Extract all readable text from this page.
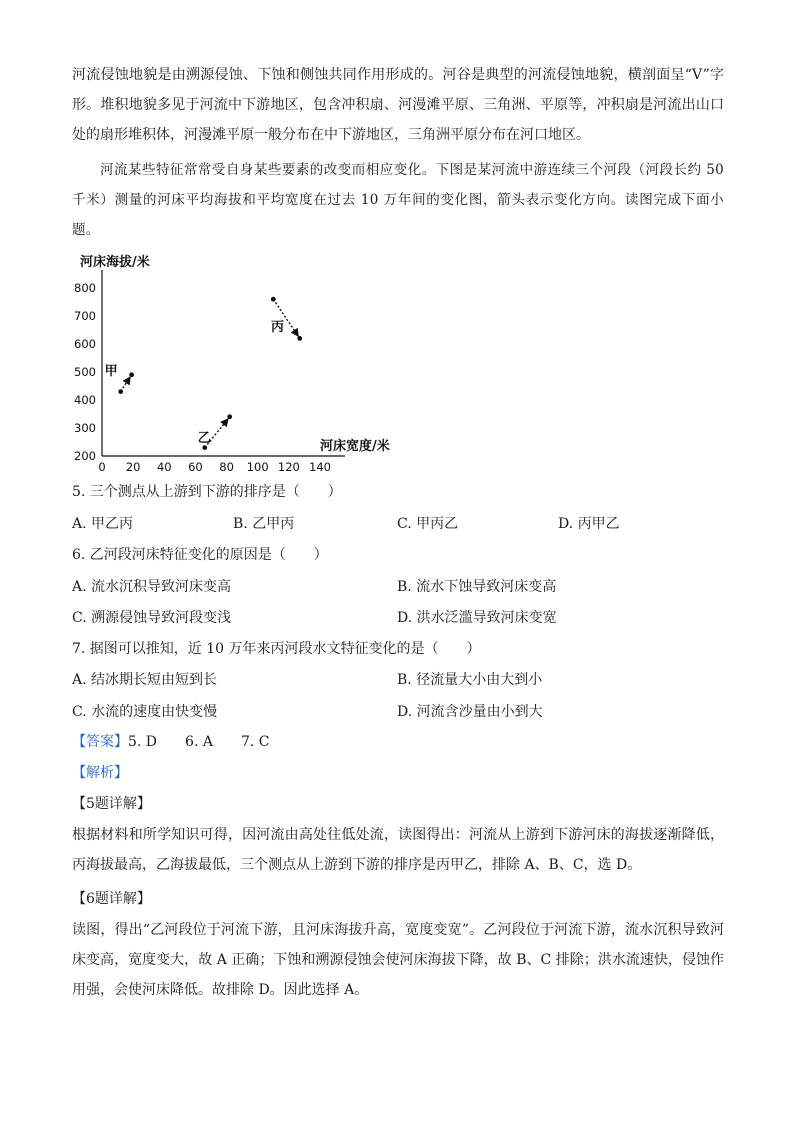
河流侵蚀地貌是由溯源侵蚀、下蚀和侧蚀共同作用形成的。河谷是典型的河流侵蚀地貌，横剖面呈“V”字形。堆积地貌多见于河流中下游地区，包含冲积扇、河漫滩平原、三角洲、平原等，冲积扇是河流出山口处的扇形堆积体，河漫滩平原一般分布在中下游地区，三角洲平原分布在河口地区。

河流某些特征常常受自身某些要素的改变而相应变化。下图是某河流中游连续三个河段（河段长约 50 千米）测量的河床平均海拔和平均宽度在过去 10 万年间的变化图，箭头表示变化方向。读图完成下面小题。

河床海拔/米
河床宽度/米
200
300
400
500
600
700
800
0 20 40 60 80 100 120 140
甲
乙
丙
5. 三个测点从上游到下游的排序是（　　）
A. 甲乙丙	B. 乙甲丙	C. 甲丙乙	D. 丙甲乙
6. 乙河段河床特征变化的原因是（　　）
A. 流水沉积导致河床变高	B. 流水下蚀导致河床变高
C. 溯源侵蚀导致河段变浅	D. 洪水泛滥导致河床变宽
7. 据图可以推知，近 10 万年来丙河段水文特征变化的是（　　）
A. 结冰期长短由短到长	B. 径流量大小由大到小
C. 水流的速度由快变慢	D. 河流含沙量由小到大
【答案】5. D　　6. A　　7. C
【解析】
【5题详解】

根据材料和所学知识可得，因河流由高处往低处流，读图得出：河流从上游到下游河床的海拔逐渐降低，丙海拔最高，乙海拔最低，三个测点从上游到下游的排序是丙甲乙，排除 A、B、C，选 D。

【6题详解】

读图，得出“乙河段位于河流下游，且河床海拔升高，宽度变宽”。乙河段位于河流下游，流水沉积导致河床变高，宽度变大，故 A 正确；下蚀和溯源侵蚀会使河床海拔下降，故 B、C 排除；洪水流速快，侵蚀作用强，会使河床降低。故排除 D。因此选择 A。
